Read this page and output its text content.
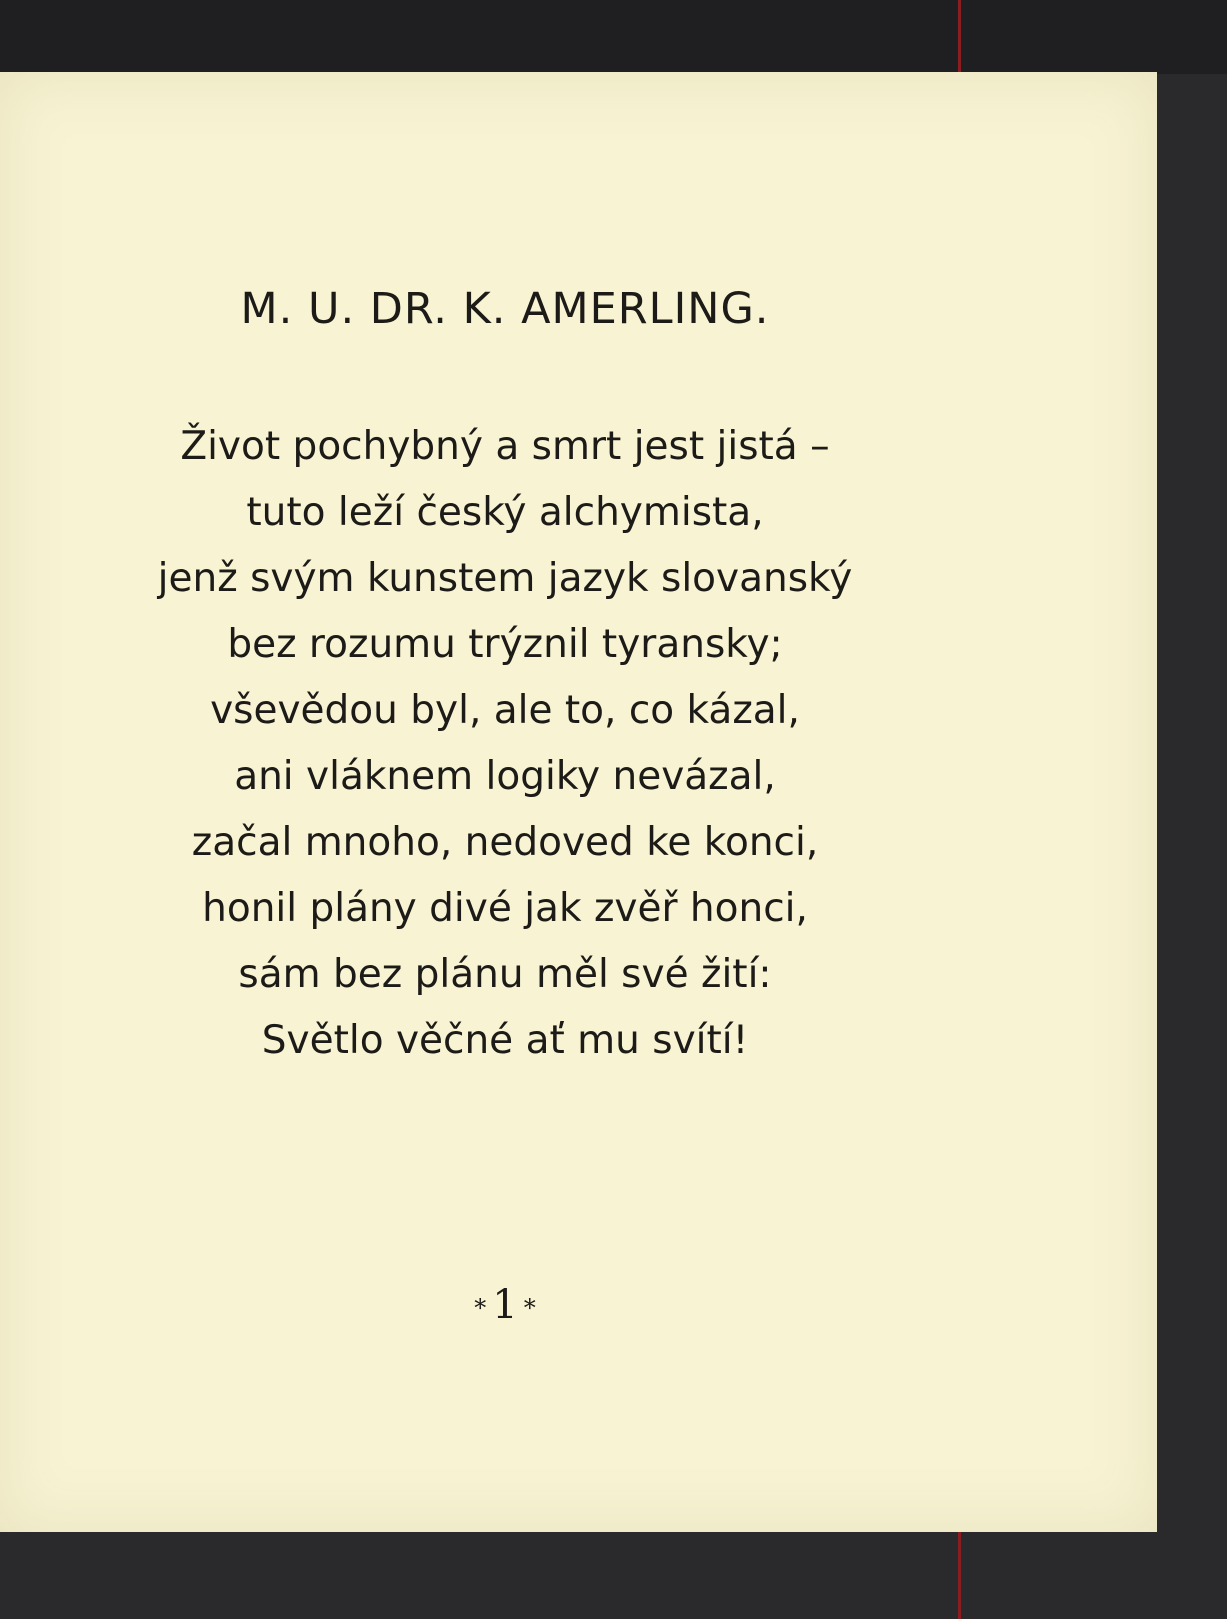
M. U. DR. K. AMERLING.
Život pochybný a smrt jest jistá –
tuto leží český alchymista,
jenž svým kunstem jazyk slovanský
bez rozumu trýznil tyransky;
vševědou byl, ale to, co kázal,
ani vláknem logiky nevázal,
začal mnoho, nedoved ke konci,
honil plány divé jak zvěř honci,
sám bez plánu měl své žití:
Světlo věčné ať mu svítí!
* 1 *
